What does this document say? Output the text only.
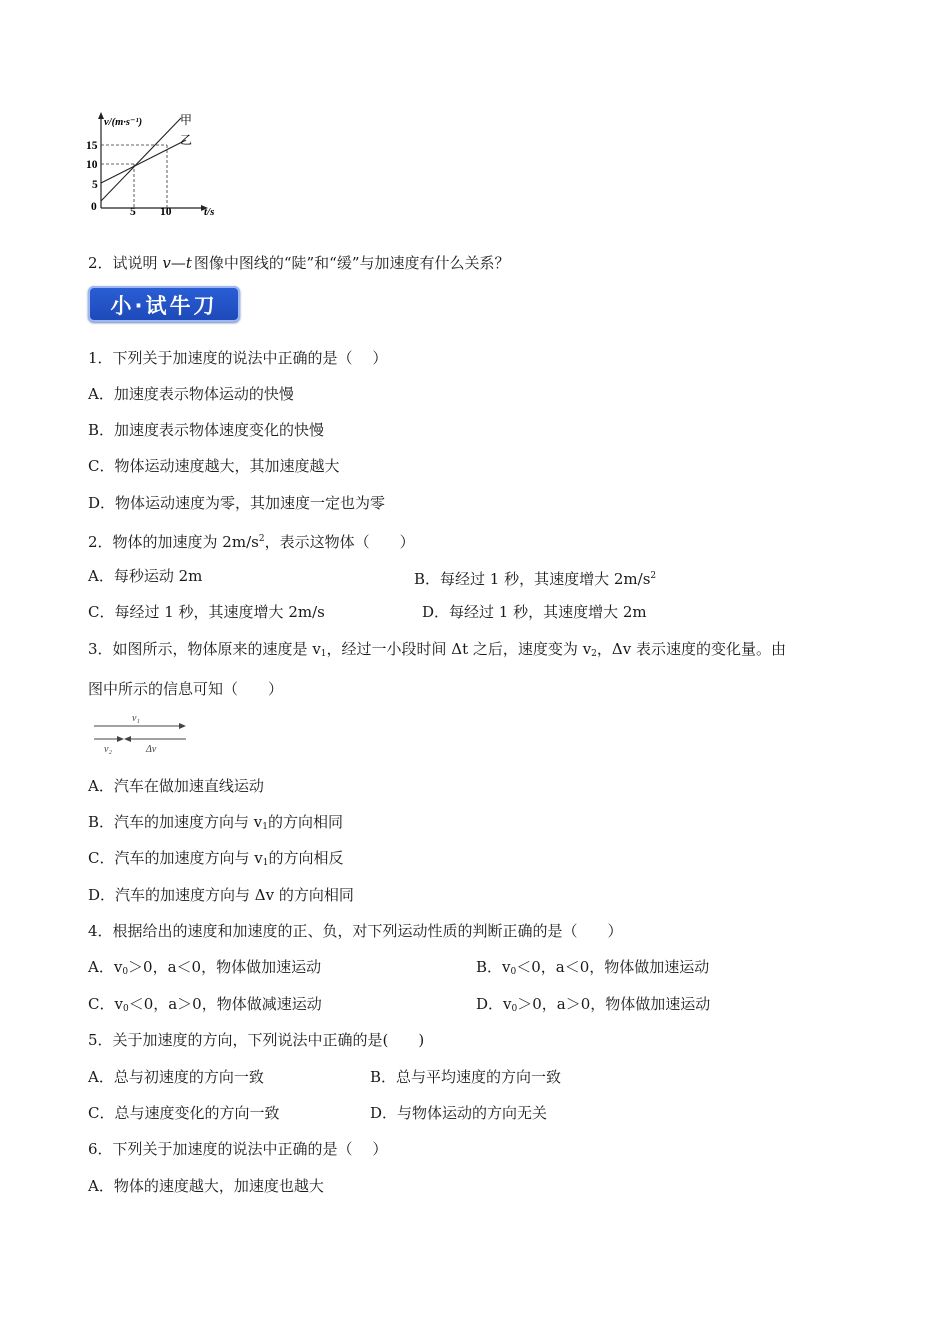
v/(m·s⁻¹)	甲
乙
15
10
5
0	5 10	t/s
2．试说明 v—t 图像中图线的“陡”和“缓”与加速度有什么关系？
小·试牛刀
1．下列关于加速度的说法中正确的是（　 ）
A．加速度表示物体运动的快慢
B．加速度表示物体速度变化的快慢
C．物体运动速度越大，其加速度越大
D．物体运动速度为零，其加速度一定也为零
2．物体的加速度为 $2m/s^2$，表示这物体（　　）
A．每秒运动 2m	B．每经过 1 秒，其速度增大 $2m/s^2$
C．每经过 1 秒，其速度增大 2m/s	D．每经过 1 秒，其速度增大 2m
3．如图所示，物体原来的速度是 $v_1$，经过一小段时间 Δt 之后，速度变为 $v_2$，Δv 表示速度的变化量。由
图中所示的信息可知（　　）
v₁
v₂	Δv
A．汽车在做加速直线运动
B．汽车的加速度方向与 $v_1$的方向相同
C．汽车的加速度方向与 $v_1$的方向相反
D．汽车的加速度方向与 Δv 的方向相同
4．根据给出的速度和加速度的正、负，对下列运动性质的判断正确的是（　　）
A．$v_0>0$，a＜0，物体做加速运动	B．$v_0<0$，a＜0，物体做加速运动
C．$v_0<0$，a＞0，物体做减速运动	D．$v_0>0$，a＞0，物体做加速运动
5．关于加速度的方向，下列说法中正确的是(　　)
A．总与初速度的方向一致	B．总与平均速度的方向一致
C．总与速度变化的方向一致	D．与物体运动的方向无关
6．下列关于加速度的说法中正确的是（　 ）
A．物体的速度越大，加速度也越大
